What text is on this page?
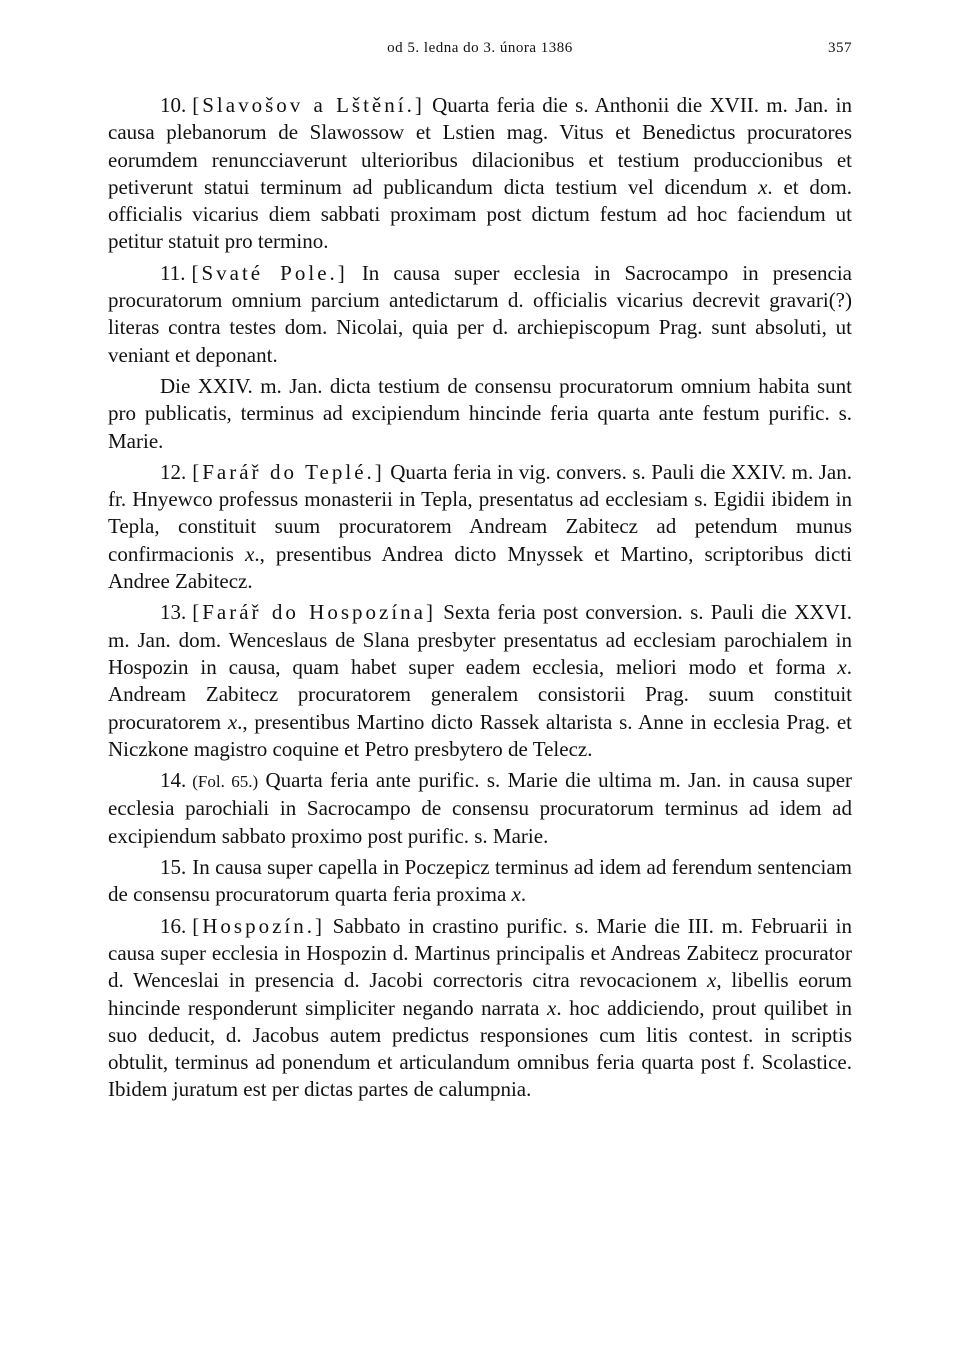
od 5. ledna do 3. února 1386	357

10. [Slavošov a Lštění.] Quarta feria die s. Anthonii die XVII. m. Jan. in causa plebanorum de Slawossow et Lstien mag. Vitus et Benedictus procuratores eorumdem renuncciaverunt ulterioribus dilacionibus et testium produccionibus et petiverunt statui terminum ad publicandum dicta testium vel dicendum x. et dom. officialis vicarius diem sabbati proximam post dictum festum ad hoc faciendum ut petitur statuit pro termino.

11. [Svaté Pole.] In causa super ecclesia in Sacrocampo in presencia procuratorum omnium parcium antedictarum d. officialis vicarius decrevit gravari(?) literas contra testes dom. Nicolai, quia per d. archiepiscopum Prag. sunt absoluti, ut veniant et deponant.

Die XXIV. m. Jan. dicta testium de consensu procuratorum omnium habita sunt pro publicatis, terminus ad excipiendum hincinde feria quarta ante festum purific. s. Marie.

12. [Farář do Teplé.] Quarta feria in vig. convers. s. Pauli die XXIV. m. Jan. fr. Hnyewco professus monasterii in Tepla, presentatus ad ecclesiam s. Egidii ibidem in Tepla, constituit suum procuratorem Andream Zabitecz ad petendum munus confirmacionis x., presentibus Andrea dicto Mnyssek et Martino, scriptoribus dicti Andree Zabitecz.

13. [Farář do Hospozína] Sexta feria post conversion. s. Pauli die XXVI. m. Jan. dom. Wenceslaus de Slana presbyter presentatus ad ecclesiam parochialem in Hospozin in causa, quam habet super eadem ecclesia, meliori modo et forma x. Andream Zabitecz procuratorem generalem consistorii Prag. suum constituit procuratorem x., presentibus Martino dicto Rassek altarista s. Anne in ecclesia Prag. et Niczkone magistro coquine et Petro presbytero de Telecz.

14. (Fol. 65.) Quarta feria ante purific. s. Marie die ultima m. Jan. in causa super ecclesia parochiali in Sacrocampo de consensu procuratorum terminus ad idem ad excipiendum sabbato proximo post purific. s. Marie.

15. In causa super capella in Poczepicz terminus ad idem ad ferendum sentenciam de consensu procuratorum quarta feria proxima x.

16. [Hospozín.] Sabbato in crastino purific. s. Marie die III. m. Februarii in causa super ecclesia in Hospozin d. Martinus principalis et Andreas Zabitecz procurator d. Wenceslai in presencia d. Jacobi correctoris citra revocacionem x, libellis eorum hincinde responderunt simpliciter negando narrata x. hoc addiciendo, prout quilibet in suo deducit, d. Jacobus autem predictus responsiones cum litis contest. in scriptis obtulit, terminus ad ponendum et articulandum omnibus feria quarta post f. Scolastice. Ibidem juratum est per dictas partes de calumpnia.
